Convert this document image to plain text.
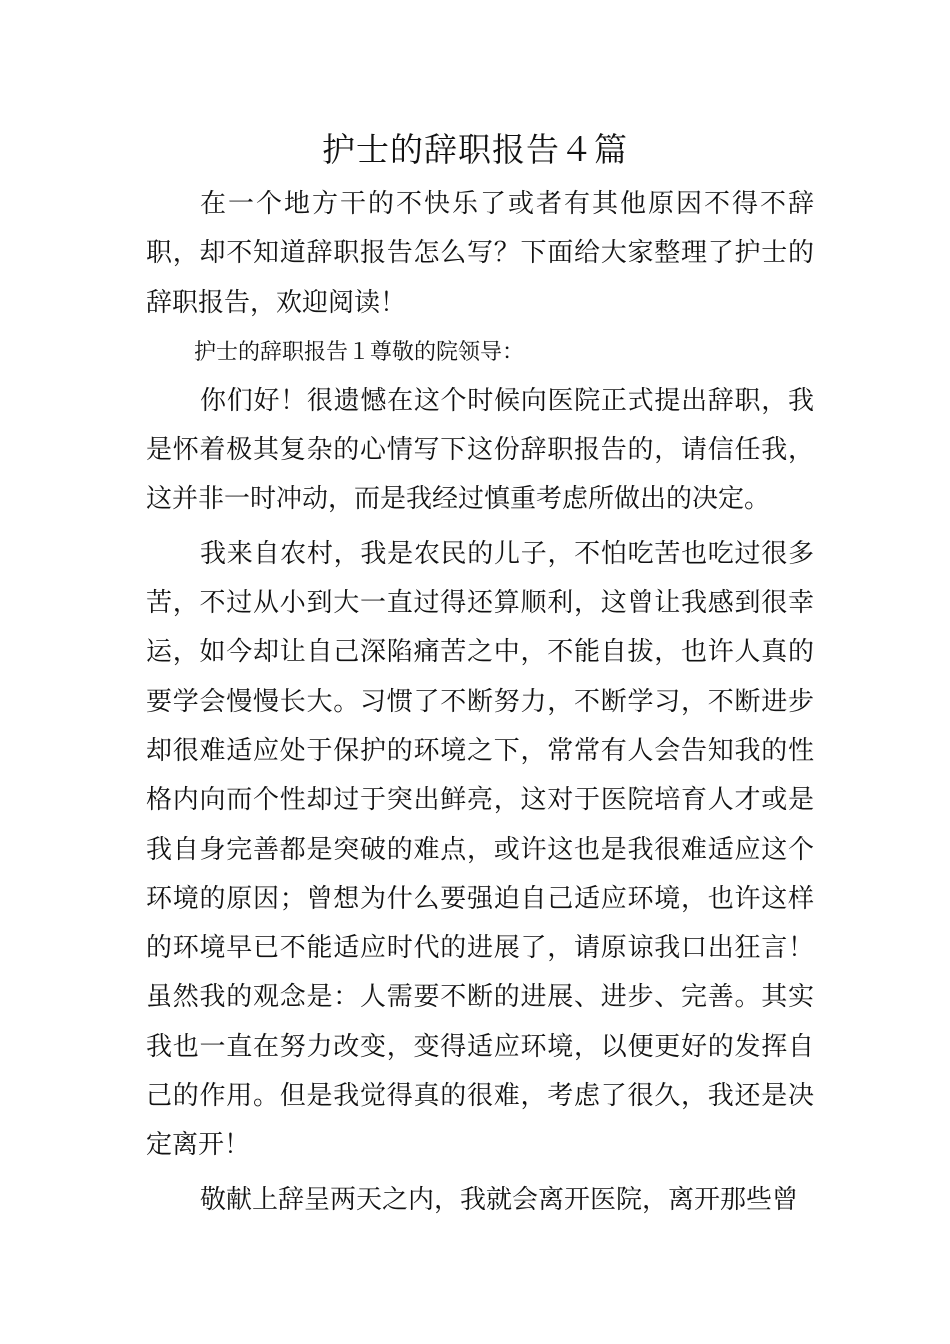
护士的辞职报告４篇

在一个地方干的不快乐了或者有其他原因不得不辞职，却不知道辞职报告怎么写？下面给大家整理了护士的辞职报告，欢迎阅读！

护士的辞职报告１尊敬的院领导：

你们好！很遗憾在这个时候向医院正式提出辞职，我是怀着极其复杂的心情写下这份辞职报告的，请信任我，这并非一时冲动，而是我经过慎重考虑所做出的决定。

我来自农村，我是农民的儿子，不怕吃苦也吃过很多苦，不过从小到大一直过得还算顺利，这曾让我感到很幸运，如今却让自己深陷痛苦之中，不能自拔，也许人真的要学会慢慢长大。习惯了不断努力，不断学习，不断进步却很难适应处于保护的环境之下，常常有人会告知我的性格内向而个性却过于突出鲜亮，这对于医院培育人才或是我自身完善都是突破的难点，或许这也是我很难适应这个环境的原因；曾想为什么要强迫自己适应环境，也许这样的环境早已不能适应时代的进展了，请原谅我口出狂言！虽然我的观念是：人需要不断的进展、进步、完善。其实我也一直在努力改变，变得适应环境，以便更好的发挥自己的作用。但是我觉得真的很难，考虑了很久，我还是决定离开！

敬献上辞呈两天之内，我就会离开医院，离开那些曾
